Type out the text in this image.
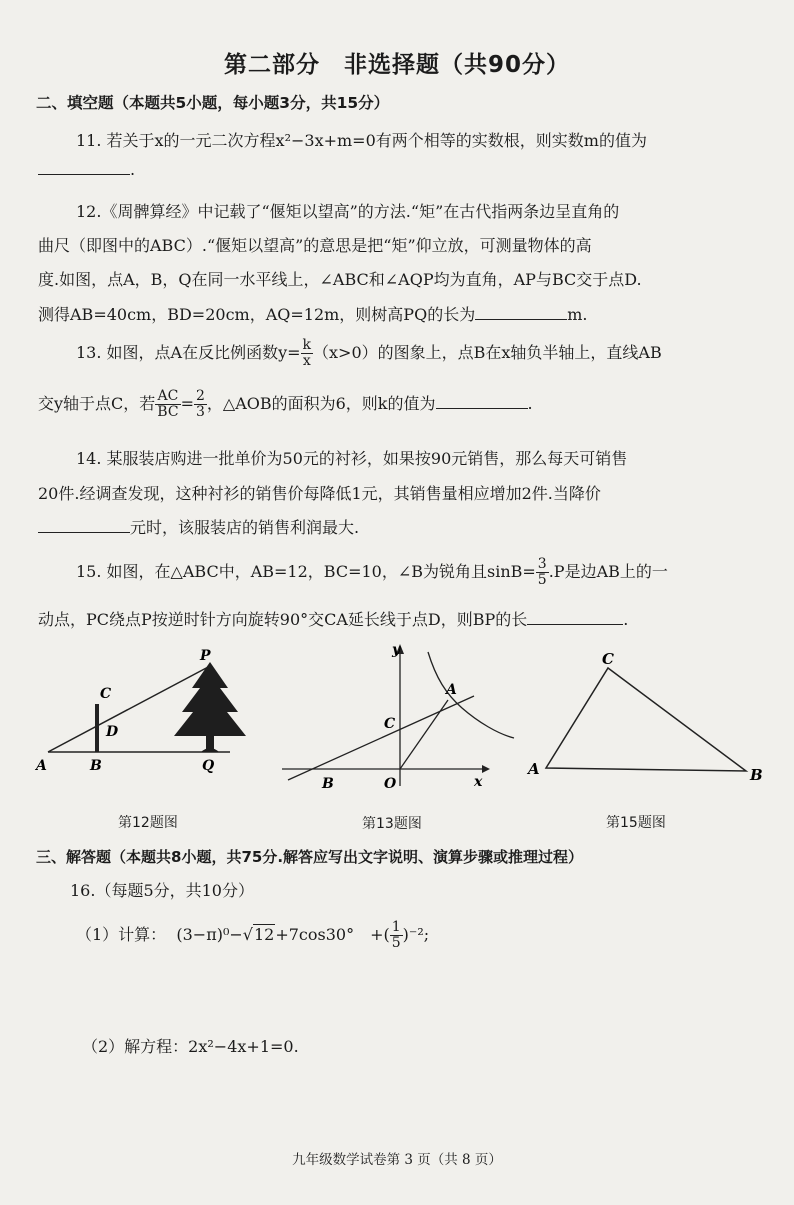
第二部分　非选择题（共90分）
二、填空题（本题共5小题，每小题3分，共15分）
11. 若关于x的一元二次方程x²−3x+m=0有两个相等的实数根，则实数m的值为
.
12.《周髀算经》中记载了“偃矩以望高”的方法.“矩”在古代指两条边呈直角的
曲尺（即图中的ABC）.“偃矩以望高”的意思是把“矩”仰立放，可测量物体的高
度.如图，点A，B，Q在同一水平线上，∠ABC和∠AQP均为直角，AP与BC交于点D.
测得AB=40cm，BD=20cm，AQ=12m，则树高PQ的长为	m.
13. 如图，点A在反比例函数$y= \frac{k}{x} (x>0)$的图象上，点B在x轴负半轴上，直线AB
交y轴于点C，若 $\frac{AC}{BC} = \frac{2}{3}$ ，△AOB的面积为6，则k的值为	.
14. 某服装店购进一批单价为50元的衬衫，如果按90元销售，那么每天可销售
20件.经调查发现，这种衬衫的销售价每降低1元，其销售量相应增加2件.当降价
元时，该服装店的销售利润最大.
15. 如图，在△ABC中，AB=12，BC=10，∠B为锐角且$\sin B= \frac{3}{5} .P$是边AB上的一
动点，PC绕点P按逆时针方向旋转90°交CA延长线于点D，则BP的长	.
A	B
C
D
P
Q
第12题图
y
x
A
B
C
O
第13题图
A
C
B
第15题图
三、解答题（本题共8小题，共75分.解答应写出文字说明、演算步骤或推理过程）
16.（每题5分，共10分）
（1）计算： (3−π)⁰−√12+7cos30°　+( $\frac{1}{5} )^{-2}$;
（2）解方程：2x²−4x+1=0.
九年级数学试卷第 3 页（共 8 页）
